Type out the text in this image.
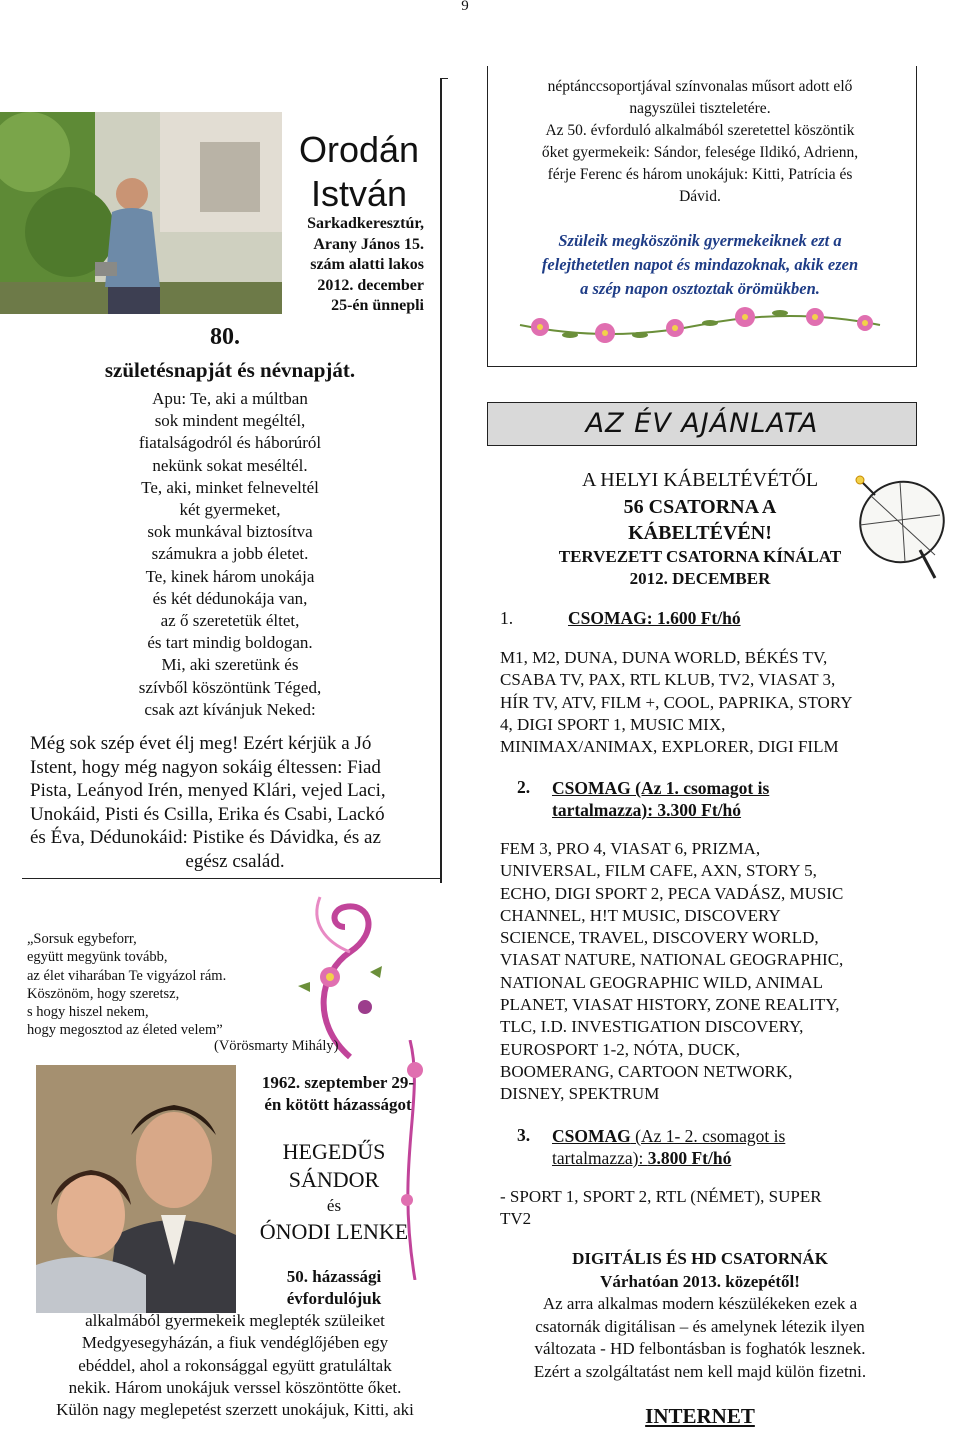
9
Orodán
István
Sarkadkeresztúr,
Arany János 15.
szám alatti lakos
2012. december
25-én ünnepli
80.
születésnapját és névnapját.
Apu: Te, aki a múltban
sok mindent megéltél,
fiatalságodról és háborúról
nekünk sokat meséltél.
Te, aki, minket felneveltél
két gyermeket,
sok munkával biztosítva
számukra a jobb életet.
Te, kinek három unokája
és két dédunokája van,
az ő szeretetük éltet,
és tart mindig boldogan.
Mi, aki szeretünk és
szívből köszöntünk Téged,
csak azt kívánjuk Neked:
Még sok szép évet élj meg! Ezért kérjük a Jó
Istent, hogy még nagyon sokáig éltessen: Fiad
Pista, Leányod Irén, menyed Klári, vejed Laci,
Unokáid, Pisti és Csilla, Erika és Csabi, Lackó
és Éva, Dédunokáid: Pistike és Dávidka, és az
egész család.
„Sorsuk egybeforr,
együtt megyünk tovább,
az élet viharában Te vigyázol rám.
Köszönöm, hogy szeretsz,
s hogy hiszel nekem,
hogy megosztod az életed velem”
(Vörösmarty Mihály)
1962. szeptember 29-
én kötött házasságot
HEGEDŰS
SÁNDOR
és
ÓNODI LENKE
50. házassági
évfordulójuk
alkalmából gyermekeik meglepték szüleiket
Medgyesegyházán, a fiuk vendéglőjében egy
ebéddel, ahol a rokonsággal együtt gratuláltak
nekik. Három unokájuk verssel köszöntötte őket.
Külön nagy meglepetést szerzett unokájuk, Kitti, aki
néptánccsoportjával színvonalas műsort adott elő
nagyszülei tiszteletére.
Az 50. évforduló alkalmából szeretettel köszöntik
őket gyermekeik: Sándor, felesége Ildikó, Adrienn,
férje Ferenc és három unokájuk: Kitti, Patrícia és
Dávid.
Szüleik megköszönik gyermekeiknek ezt a
felejthetetlen napot és mindazoknak, akik ezen
a szép napon osztoztak örömükben.
AZ ÉV AJÁNLATA
A HELYI KÁBELTÉVÉTŐL
56 CSATORNA A
KÁBELTÉVÉN!
TERVEZETT CSATORNA KÍNÁLAT
2012. DECEMBER
1.	CSOMAG: 1.600 Ft/hó
M1, M2, DUNA, DUNA WORLD, BÉKÉS TV,
CSABA TV, PAX, RTL KLUB, TV2, VIASAT 3,
HÍR TV, ATV, FILM +, COOL, PAPRIKA, STORY
4, DIGI SPORT 1, MUSIC MIX,
MINIMAX/ANIMAX, EXPLORER, DIGI FILM
2. CSOMAG (Az 1. csomagot is
tartalmazza): 3.300 Ft/hó
FEM 3, PRO 4, VIASAT 6, PRIZMA,
UNIVERSAL, FILM CAFE, AXN, STORY 5,
ECHO, DIGI SPORT 2, PECA VADÁSZ, MUSIC
CHANNEL, H!T MUSIC, DISCOVERY
SCIENCE, TRAVEL, DISCOVERY WORLD,
VIASAT NATURE, NATIONAL GEOGRAPHIC,
NATIONAL GEOGRAPHIC WILD, ANIMAL
PLANET, VIASAT HISTORY, ZONE REALITY,
TLC, I.D. INVESTIGATION DISCOVERY,
EUROSPORT 1-2, NÓTA, DUCK,
BOOMERANG, CARTOON NETWORK,
DISNEY, SPEKTRUM
3. CSOMAG (Az 1- 2. csomagot is
tartalmazza): 3.800 Ft/hó
- SPORT 1, SPORT 2, RTL (NÉMET), SUPER
TV2
DIGITÁLIS ÉS HD CSATORNÁK
Várhatóan 2013. közepétől!
Az arra alkalmas modern készülékeken ezek a
csatornák digitálisan – és amelynek létezik ilyen
változata - HD felbontásban is foghatók lesznek.
Ezért a szolgáltatást nem kell majd külön fizetni.
INTERNET
